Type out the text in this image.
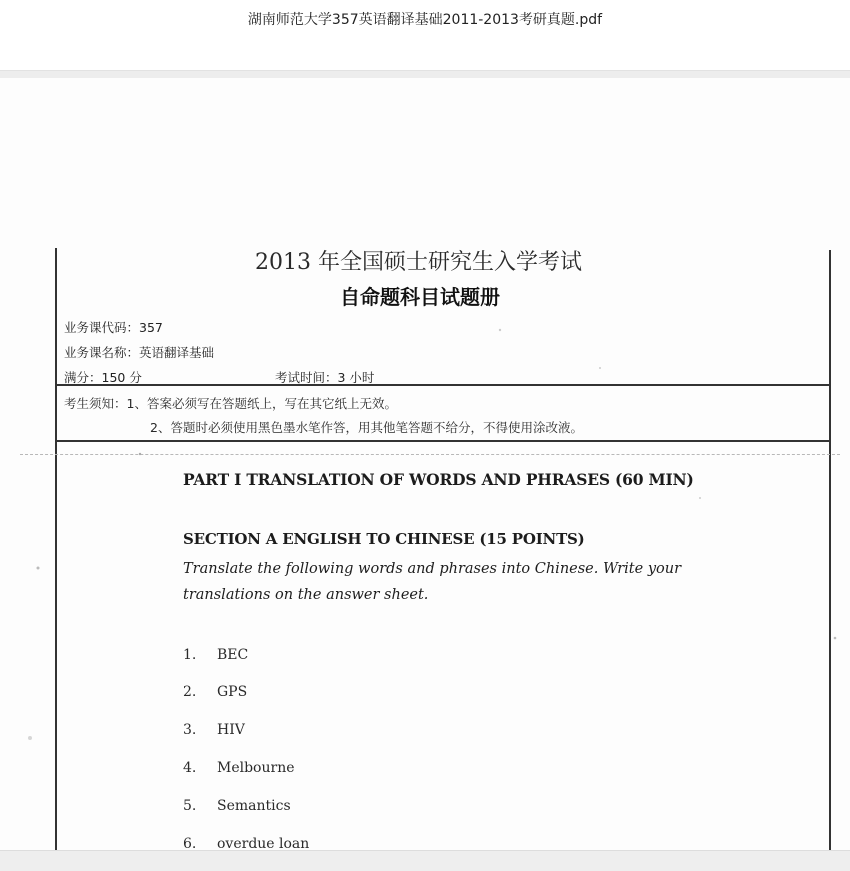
湖南师范大学357英语翻译基础2011-2013考研真题.pdf
2013 年全国硕士研究生入学考试
自命题科目试题册
业务课代码：357
业务课名称：英语翻译基础
满分：150 分	考试时间：3 小时
考生须知：1、答案必须写在答题纸上，写在其它纸上无效。
2、答题时必须使用黑色墨水笔作答，用其他笔答题不给分，不得使用涂改液。
PART I TRANSLATION OF WORDS AND PHRASES (60 MIN)
SECTION A ENGLISH TO CHINESE (15 POINTS)
Translate the following words and phrases into Chinese. Write your
translations on the answer sheet.
1. BEC
2. GPS
3. HIV
4. Melbourne
5. Semantics
6. overdue loan
